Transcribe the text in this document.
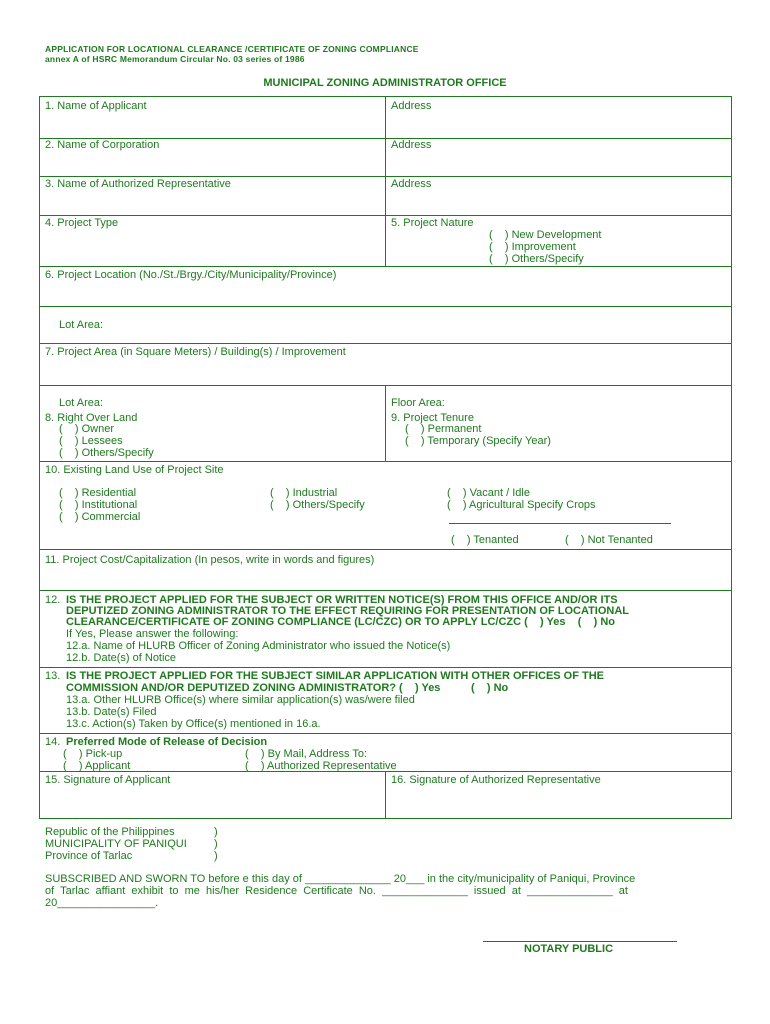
APPLICATION FOR LOCATIONAL CLEARANCE /CERTIFICATE OF ZONING COMPLIANCE
annex A of HSRC Memorandum Circular No. 03 series of 1986
MUNICIPAL ZONING ADMINISTRATOR OFFICE
1. Name of Applicant	Address
2. Name of Corporation	Address
3. Name of Authorized Representative	Address
4. Project Type	5. Project Nature
(    ) New Development
(    ) Improvement
(    ) Others/Specify
6. Project Location (No./St./Brgy./City/Municipality/Province)
Lot Area:
7. Project Area (in Square Meters) / Building(s) / Improvement
Lot Area:	Floor Area:
8. Right Over Land
(    ) Owner
(    ) Lessees
(    ) Others/Specify
9. Project Tenure
(    ) Permanent
(    ) Temporary (Specify Year)
10. Existing Land Use of Project Site
(    ) Residential
(    ) Institutional
(    ) Commercial
(    ) Industrial
(    ) Others/Specify
(    ) Vacant / Idle
(    ) Agricultural Specify Crops
(    ) Tenanted	(    ) Not Tenanted
11. Project Cost/Capitalization (In pesos, write in words and figures)
12. IS THE PROJECT APPLIED FOR THE SUBJECT OR WRITTEN NOTICE(S) FROM THIS OFFICE AND/OR ITS
DEPUTIZED ZONING ADMINISTRATOR TO THE EFFECT REQUIRING FOR PRESENTATION OF LOCATIONAL
CLEARANCE/CERTIFICATE OF ZONING COMPLIANCE (LC/CZC) OR TO APPLY LC/CZC (    ) Yes    (    ) No
If Yes, Please answer the following:
12.a. Name of HLURB Officer of Zoning Administrator who issued the Notice(s)
12.b. Date(s) of Notice
13. IS THE PROJECT APPLIED FOR THE SUBJECT SIMILAR APPLICATION WITH OTHER OFFICES OF THE
COMMISSION AND/OR DEPUTIZED ZONING ADMINISTRATOR? (    ) Yes          (    ) No
13.a. Other HLURB Office(s) where similar application(s) was/were filed
13.b. Date(s) Filed
13.c. Action(s) Taken by Office(s) mentioned in 16.a.
14. Preferred Mode of Release of Decision
(    ) Pick-up
(    ) Applicant
(    ) By Mail, Address To:
(    ) Authorized Representative
15. Signature of Applicant	16. Signature of Authorized Representative
Republic of the Philippines
MUNICIPALITY OF PANIQUI
Province of Tarlac
)
)
)
SUBSCRIBED AND SWORN TO before e this day of ______________ 20___ in the city/municipality of Paniqui, Province
of  Tarlac  affiant  exhibit  to  me  his/her  Residence  Certificate  No.  ______________  issued  at  ______________  at
20________________.
NOTARY PUBLIC
